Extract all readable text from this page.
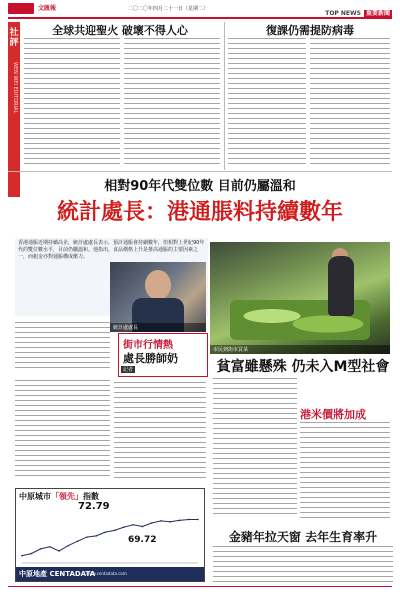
文匯報	二〇二〇年四月二十一日（星期二）
TOP NEWS 重要新聞
社評
WEN WEI EDITORIAL
全球共迎聖火 破壞不得人心	復課仍需提防病毒
相對90年代雙位數 目前仍屬溫和
統計處長：港通脹料持續數年
香港通脹近期持續高企，統計處處長表示，預計通脹會持續數年，但相對上世紀90年代的雙位數水平，目前仍屬溫和。他指出，食品價格上升是推高通脹的主要因素之一，而租金亦對通脹構成壓力。
統計處處長
市民到街市買菜
街市行情熱
處長勝師奶
記者	貧富雖懸殊 仍未入M型社會
港米價將加成
金豬年拉天窗 去年生育率升
中原城市「領先」指數
72.79
69.72
中原地產 CENTADATA
www.centadata.com
